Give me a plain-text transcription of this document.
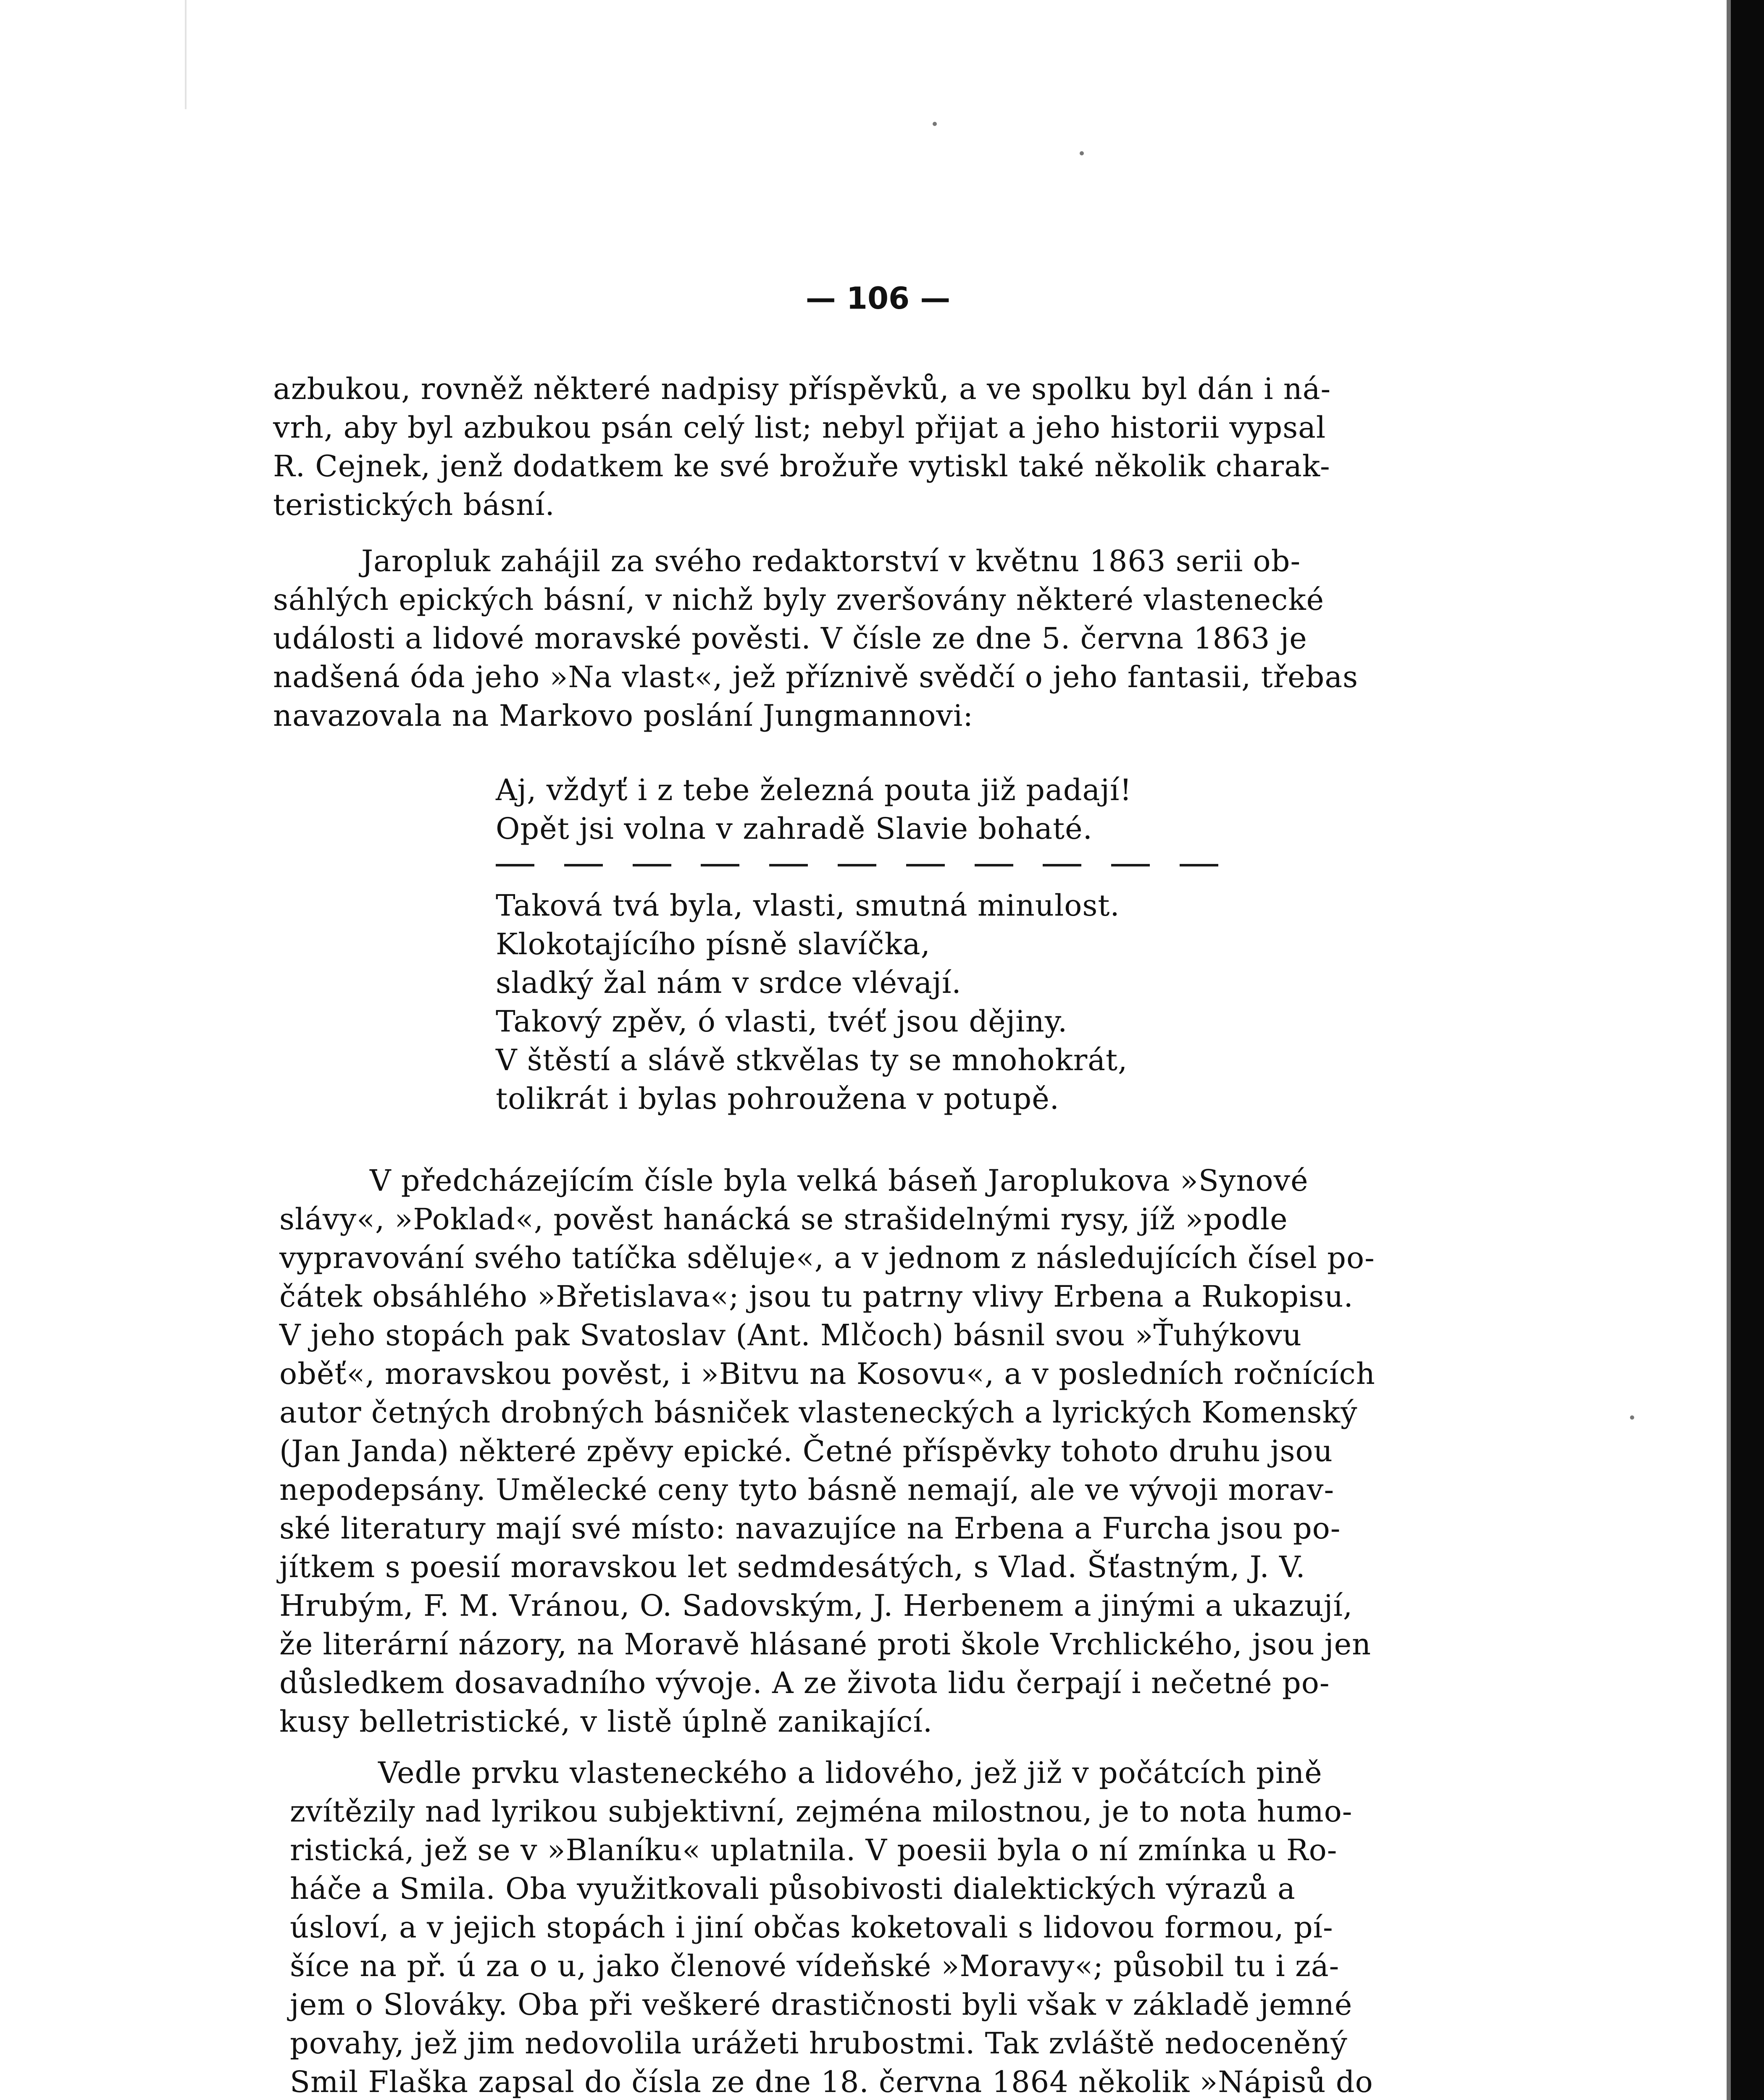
— 106 —
azbukou, rovněž některé nadpisy příspěvků, a ve spolku byl dán i ná-
vrh, aby byl azbukou psán celý list; nebyl přijat a jeho historii vypsal
R. Cejnek, jenž dodatkem ke své brožuře vytiskl také několik charak-
teristických básní.
Jaropluk zahájil za svého redaktorství v květnu 1863 serii ob-
sáhlých epických básní, v nichž byly zveršovány některé vlastenecké
události a lidové moravské pověsti. V čísle ze dne 5. června 1863 je
nadšená óda jeho »Na vlast«, jež příznivě svědčí o jeho fantasii, třebas
navazovala na Markovo poslání Jungmannovi:
Aj, vždyť i z tebe železná pouta již padají!
Opět jsi volna v zahradě Slavie bohaté.
Taková tvá byla, vlasti, smutná minulost.
Klokotajícího písně slavíčka,
sladký žal nám v srdce vlévají.
Takový zpěv, ó vlasti, tvéť jsou dějiny.
V štěstí a slávě stkvělas ty se mnohokrát,
tolikrát i bylas pohroužena v potupě.
V předcházejícím čísle byla velká báseň Jaroplukova »Synové
slávy«, »Poklad«, pověst hanácká se strašidelnými rysy, jíž »podle
vypravování svého tatíčka sděluje«, a v jednom z následujících čísel po-
čátek obsáhlého »Břetislava«; jsou tu patrny vlivy Erbena a Rukopisu.
V jeho stopách pak Svatoslav (Ant. Mlčoch) básnil svou »Ťuhýkovu
oběť«, moravskou pověst, i »Bitvu na Kosovu«, a v posledních ročnících
autor četných drobných básniček vlasteneckých a lyrických Komenský
(Jan Janda) některé zpěvy epické. Četné příspěvky tohoto druhu jsou
nepodepsány. Umělecké ceny tyto básně nemají, ale ve vývoji morav-
ské literatury mají své místo: navazujíce na Erbena a Furcha jsou po-
jítkem s poesií moravskou let sedmdesátých, s Vlad. Šťastným, J. V.
Hrubým, F. M. Vránou, O. Sadovským, J. Herbenem a jinými a ukazují,
že literární názory, na Moravě hlásané proti škole Vrchlického, jsou jen
důsledkem dosavadního vývoje. A ze života lidu čerpají i nečetné po-
kusy belletristické, v listě úplně zanikající.
Vedle prvku vlasteneckého a lidového, jež již v počátcích pině
zvítězily nad lyrikou subjektivní, zejména milostnou, je to nota humo-
ristická, jež se v »Blaníku« uplatnila. V poesii byla o ní zmínka u Ro-
háče a Smila. Oba využitkovali působivosti dialektických výrazů a
úsloví, a v jejich stopách i jiní občas koketovali s lidovou formou, pí-
šíce na př. ú za o u, jako členové vídeňské »Moravy«; působil tu i zá-
jem o Slováky. Oba při veškeré drastičnosti byli však v základě jemné
povahy, jež jim nedovolila urážeti hrubostmi. Tak zvláště nedoceněný
Smil Flaška zapsal do čísla ze dne 18. června 1864 několik »Nápisů do
